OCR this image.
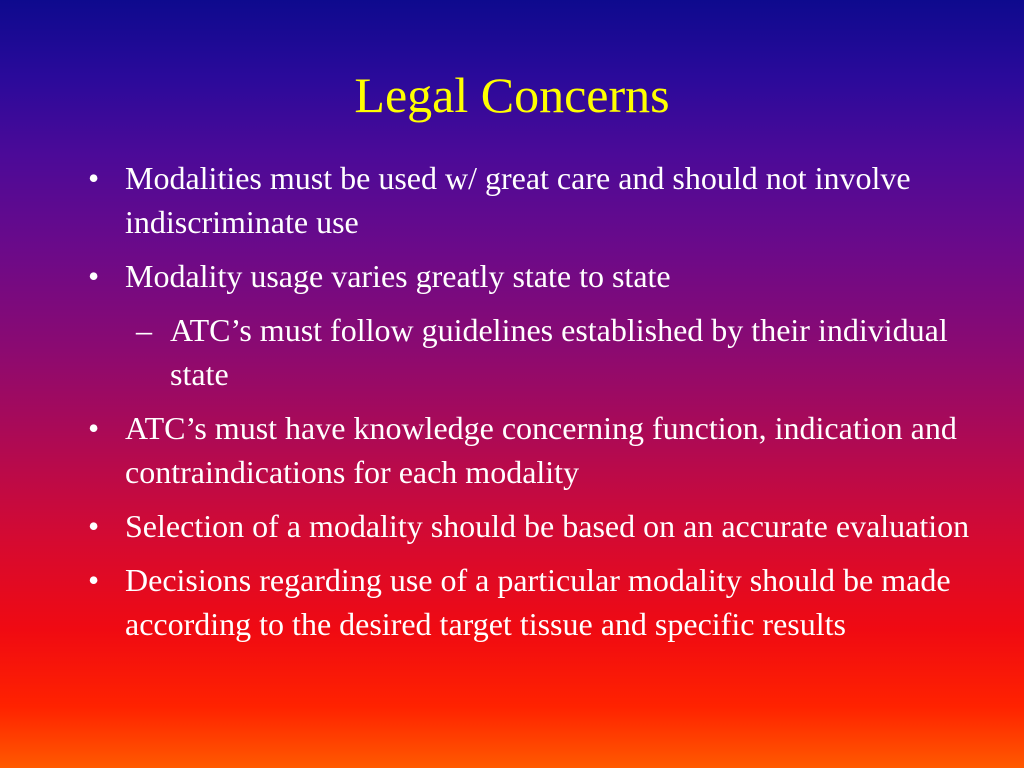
Legal Concerns
• Modalities must be used w/ great care and should not involve indiscriminate use
• Modality usage varies greatly state to state
– ATC’s must follow guidelines established by their individual state
• ATC’s must have knowledge concerning function, indication and contraindications for each modality
• Selection of a modality should be based on an accurate evaluation
• Decisions regarding use of a particular modality should be made according to the desired target tissue and specific results
